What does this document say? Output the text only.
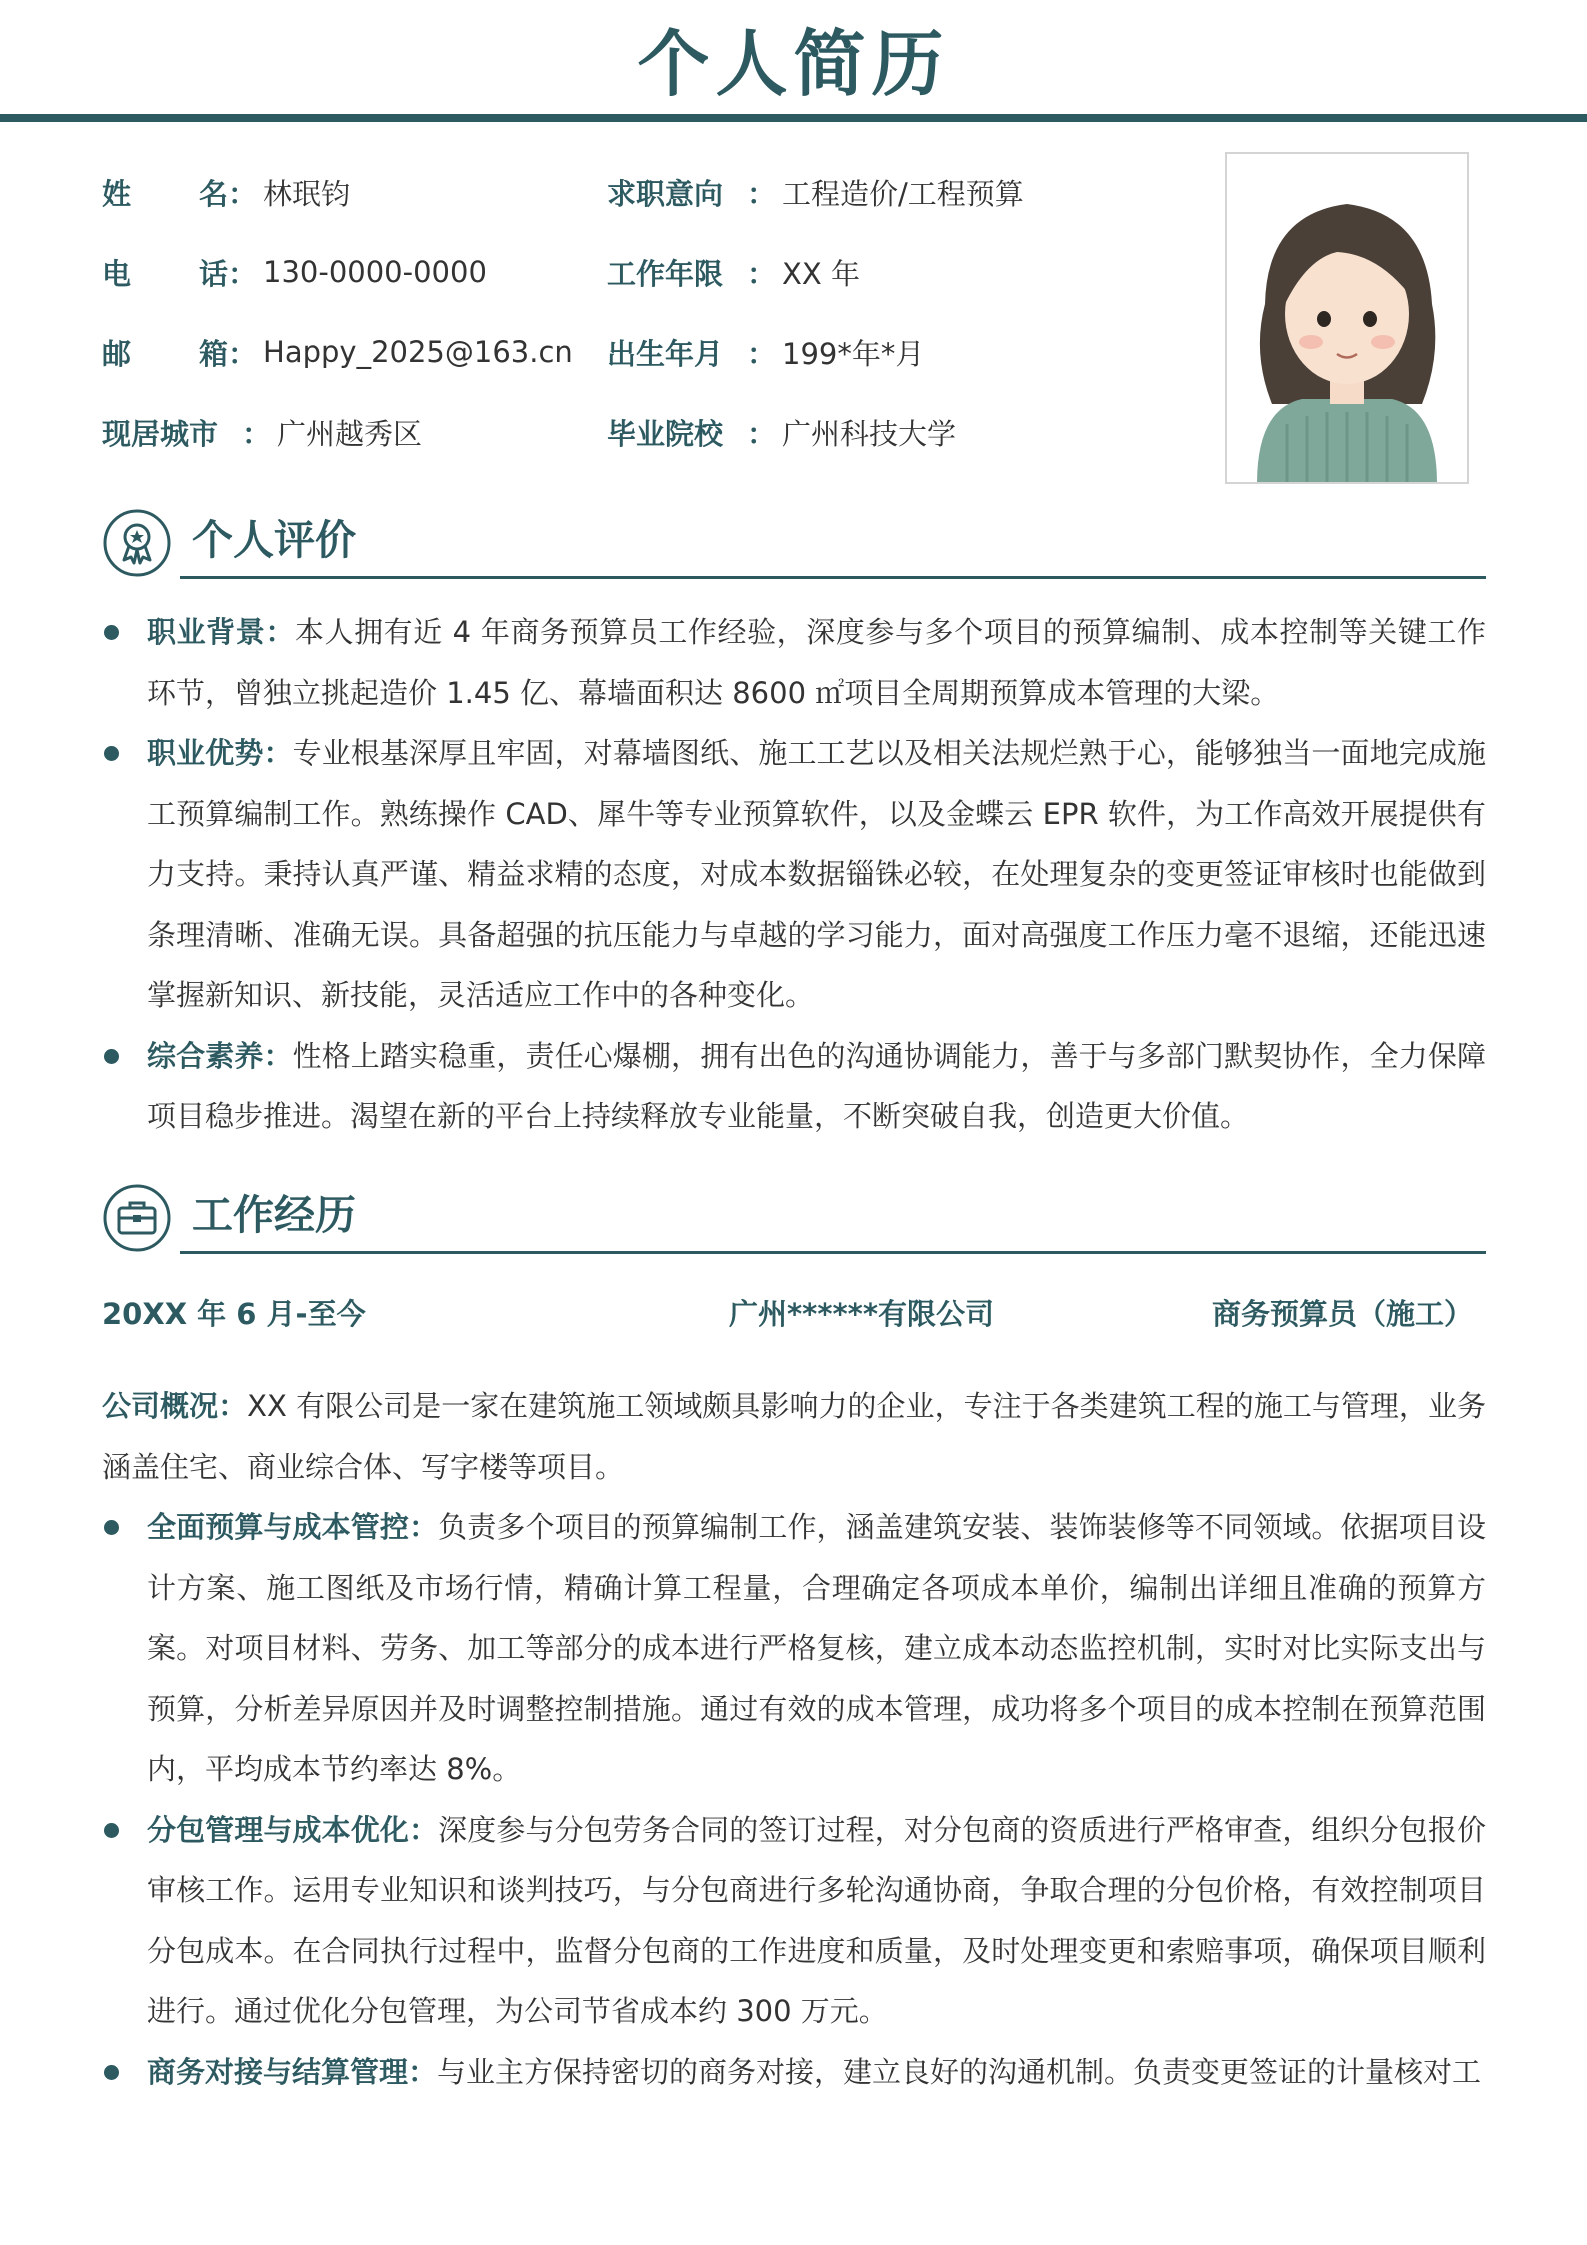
个人简历
姓 名 ： 林珉钧	求职意向 ： 工程造价/工程预算
电 话 ： 130-0000-0000	工作年限 ： XX 年
邮 箱 ： Happy_2025@163.cn 出生年月 ： 199*年*月
现居城市 ： 广州越秀区	毕业院校 ： 广州科技大学
个人评价
职业背景：本人拥有近 4 年商务预算员工作经验，深度参与多个项目的预算编制、成本控制等关键工作环节，曾独立挑起造价 1.45 亿、幕墙面积达 8600 ㎡项目全周期预算成本管理的大梁。
职业优势：专业根基深厚且牢固，对幕墙图纸、施工工艺以及相关法规烂熟于心，能够独当一面地完成施工预算编制工作。熟练操作 CAD、犀牛等专业预算软件，以及金蝶云 EPR 软件，为工作高效开展提供有力支持。秉持认真严谨、精益求精的态度，对成本数据锱铢必较，在处理复杂的变更签证审核时也能做到条理清晰、准确无误。具备超强的抗压能力与卓越的学习能力，面对高强度工作压力毫不退缩，还能迅速掌握新知识、新技能，灵活适应工作中的各种变化。
综合素养：性格上踏实稳重，责任心爆棚，拥有出色的沟通协调能力，善于与多部门默契协作，全力保障项目稳步推进。渴望在新的平台上持续释放专业能量，不断突破自我，创造更大价值。
工作经历
20XX 年 6 月-至今	广州******有限公司	商务预算员（施工）
公司概况：XX 有限公司是一家在建筑施工领域颇具影响力的企业，专注于各类建筑工程的施工与管理，业务涵盖住宅、商业综合体、写字楼等项目。
全面预算与成本管控：负责多个项目的预算编制工作，涵盖建筑安装、装饰装修等不同领域。依据项目设计方案、施工图纸及市场行情，精确计算工程量，合理确定各项成本单价，编制出详细且准确的预算方案。对项目材料、劳务、加工等部分的成本进行严格复核，建立成本动态监控机制，实时对比实际支出与预算，分析差异原因并及时调整控制措施。通过有效的成本管理，成功将多个项目的成本控制在预算范围内，平均成本节约率达 8%。
分包管理与成本优化：深度参与分包劳务合同的签订过程，对分包商的资质进行严格审查，组织分包报价审核工作。运用专业知识和谈判技巧，与分包商进行多轮沟通协商，争取合理的分包价格，有效控制项目分包成本。在合同执行过程中，监督分包商的工作进度和质量，及时处理变更和索赔事项，确保项目顺利进行。通过优化分包管理，为公司节省成本约 300 万元。
商务对接与结算管理：与业主方保持密切的商务对接，建立良好的沟通机制。负责变更签证的计量核对工
